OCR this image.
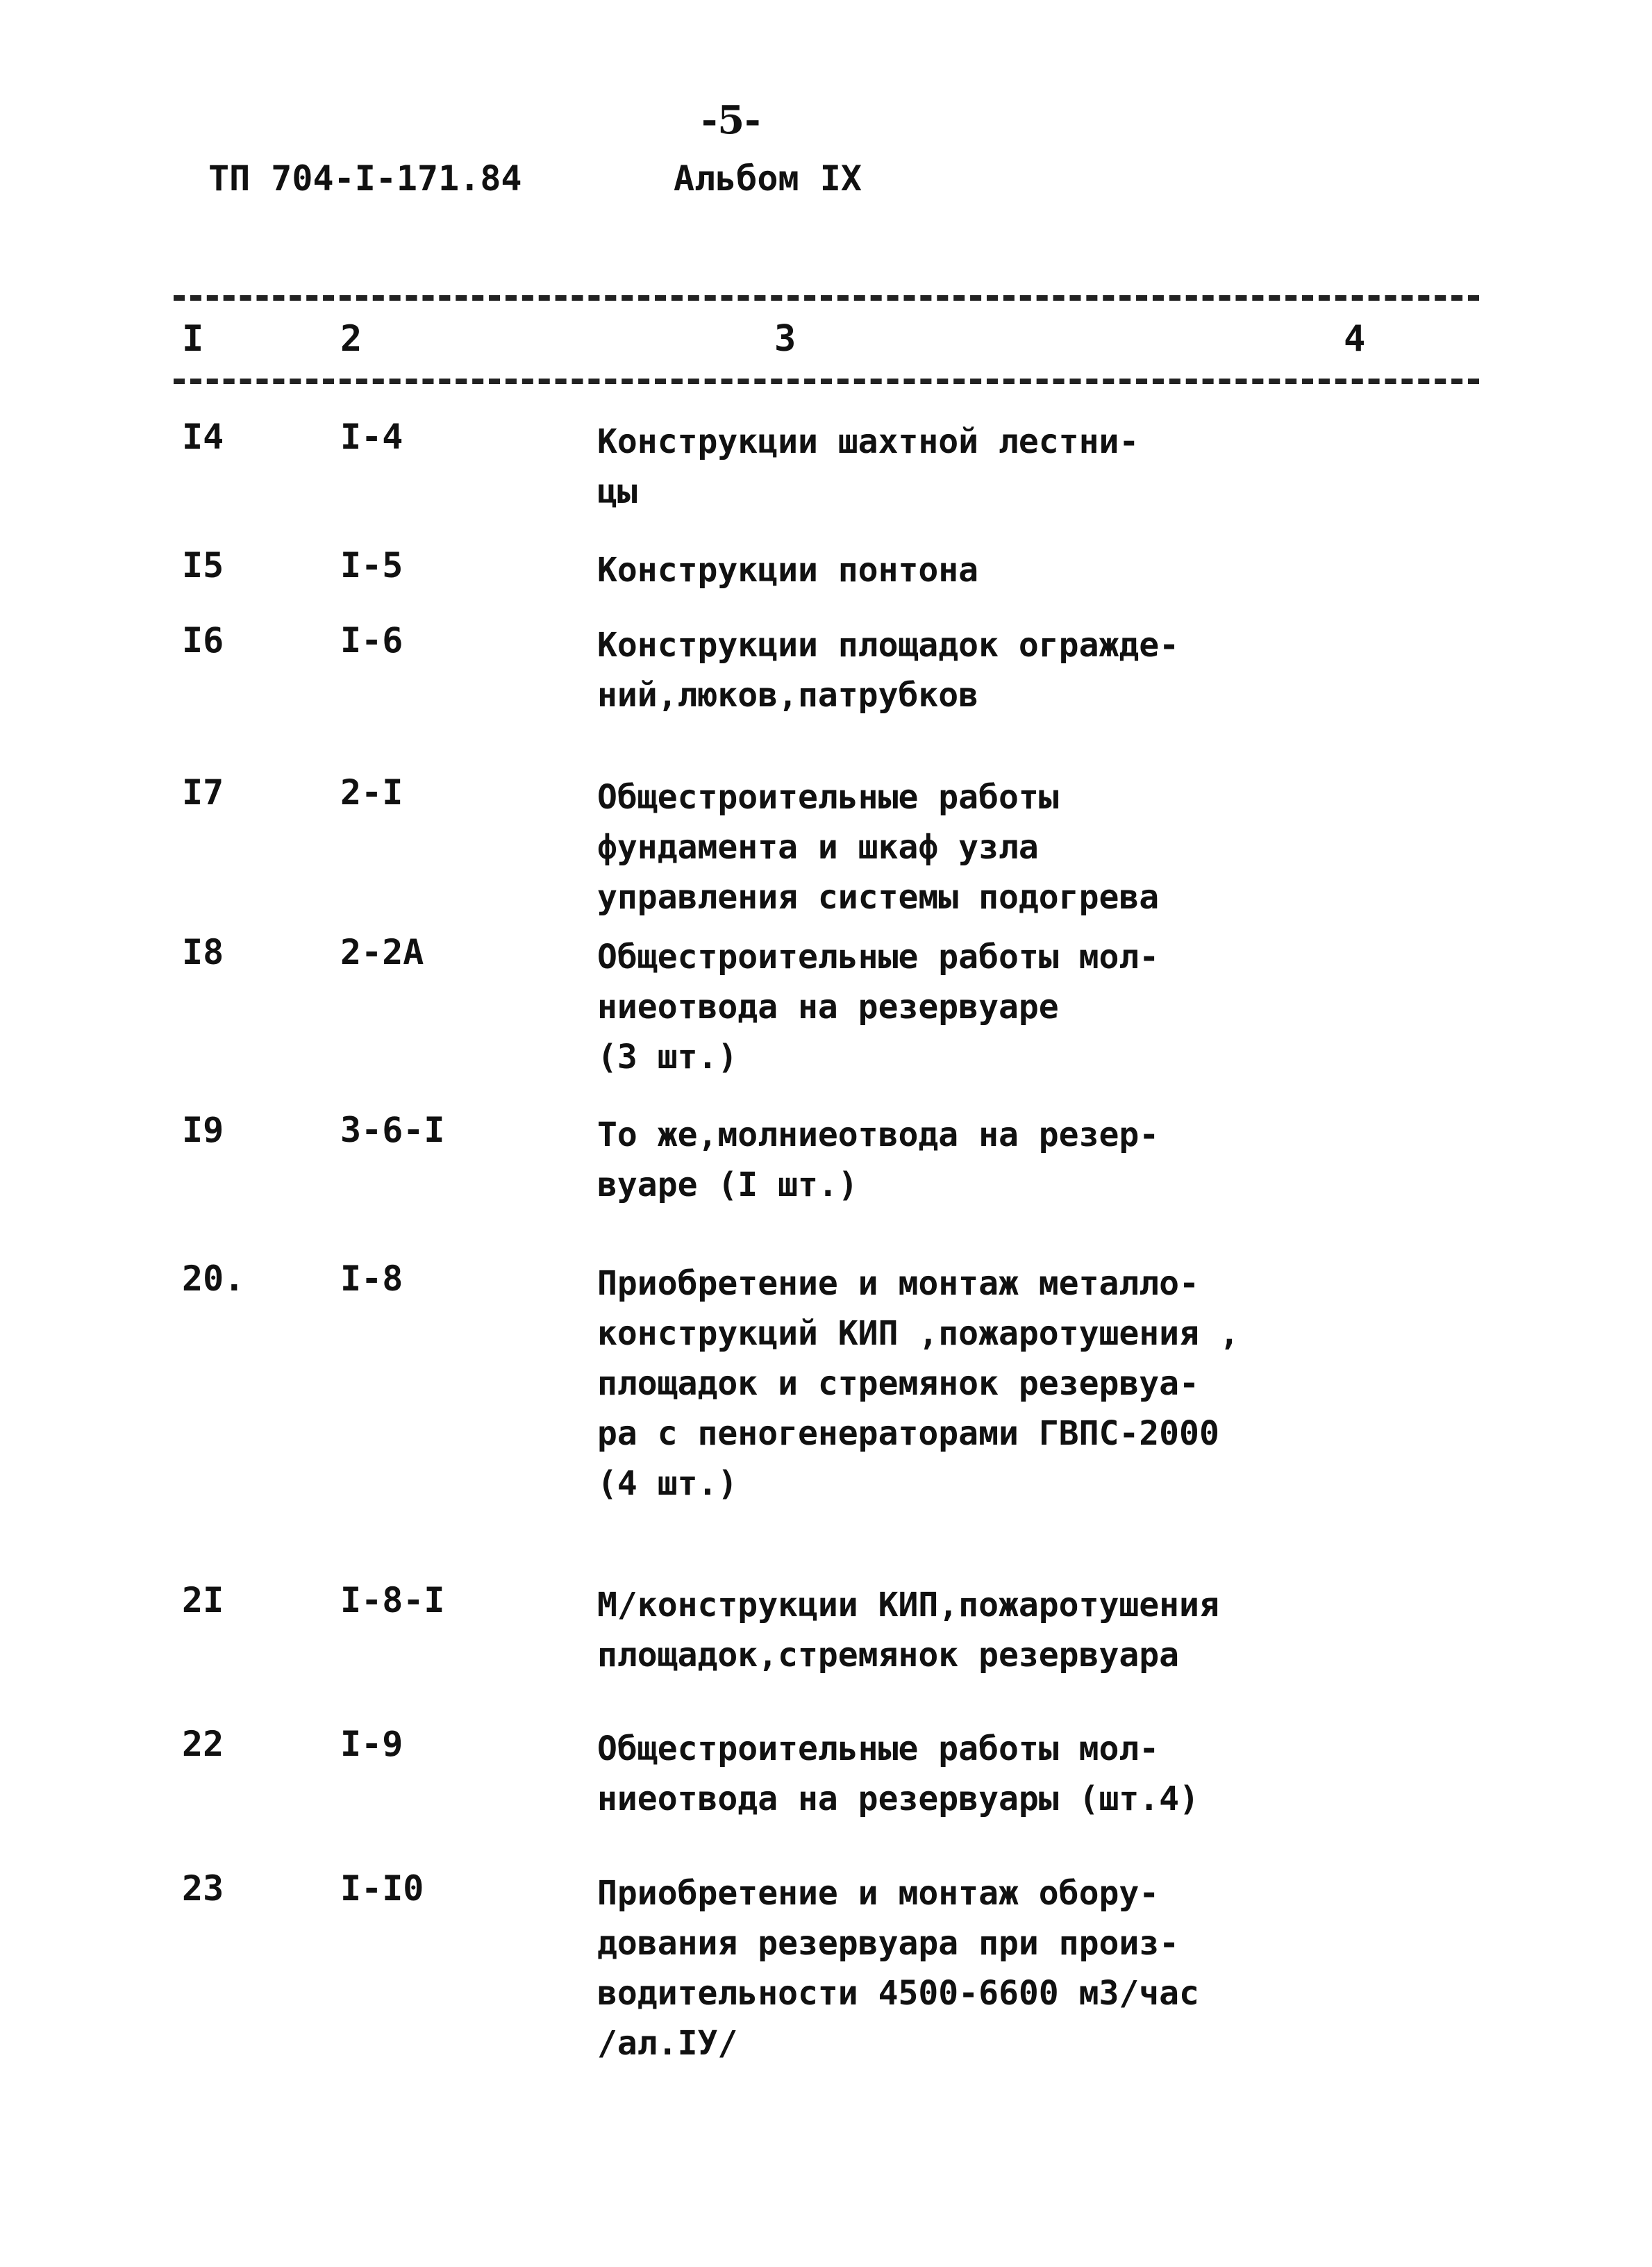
-5-
ТП 704-I-171.84	Альбом IX
I	2	3	4
I4	I-4	Конструкции шахтной лестни-
цы
I5	I-5	Конструкции понтона
I6	I-6	Конструкции площадок огражде-
ний,люков,патрубков
I7	2-I	Общестроительные работы
фундамента и шкаф узла
управления системы подогрева
I8	2-2А	Общестроительные работы мол-
ниеотвода на резервуаре
(3 шт.)
I9	3-6-I	То же,молниеотвода на резер-
вуаре (I шт.)
20.	I-8	Приобретение и монтаж металло-
конструкций КИП ,пожаротушения ,
площадок и стремянок резервуа-
ра с пеногенераторами ГВПС-2000
(4 шт.)
2I	I-8-I	М/конструкции КИП,пожаротушения
площадок,стремянок резервуара
22	I-9	Общестроительные работы мол-
ниеотвода на резервуары (шт.4)
23	I-I0	Приобретение и монтаж обору-
дования резервуара при произ-
водительности 4500-6600 м3/час
/ал.IУ/
